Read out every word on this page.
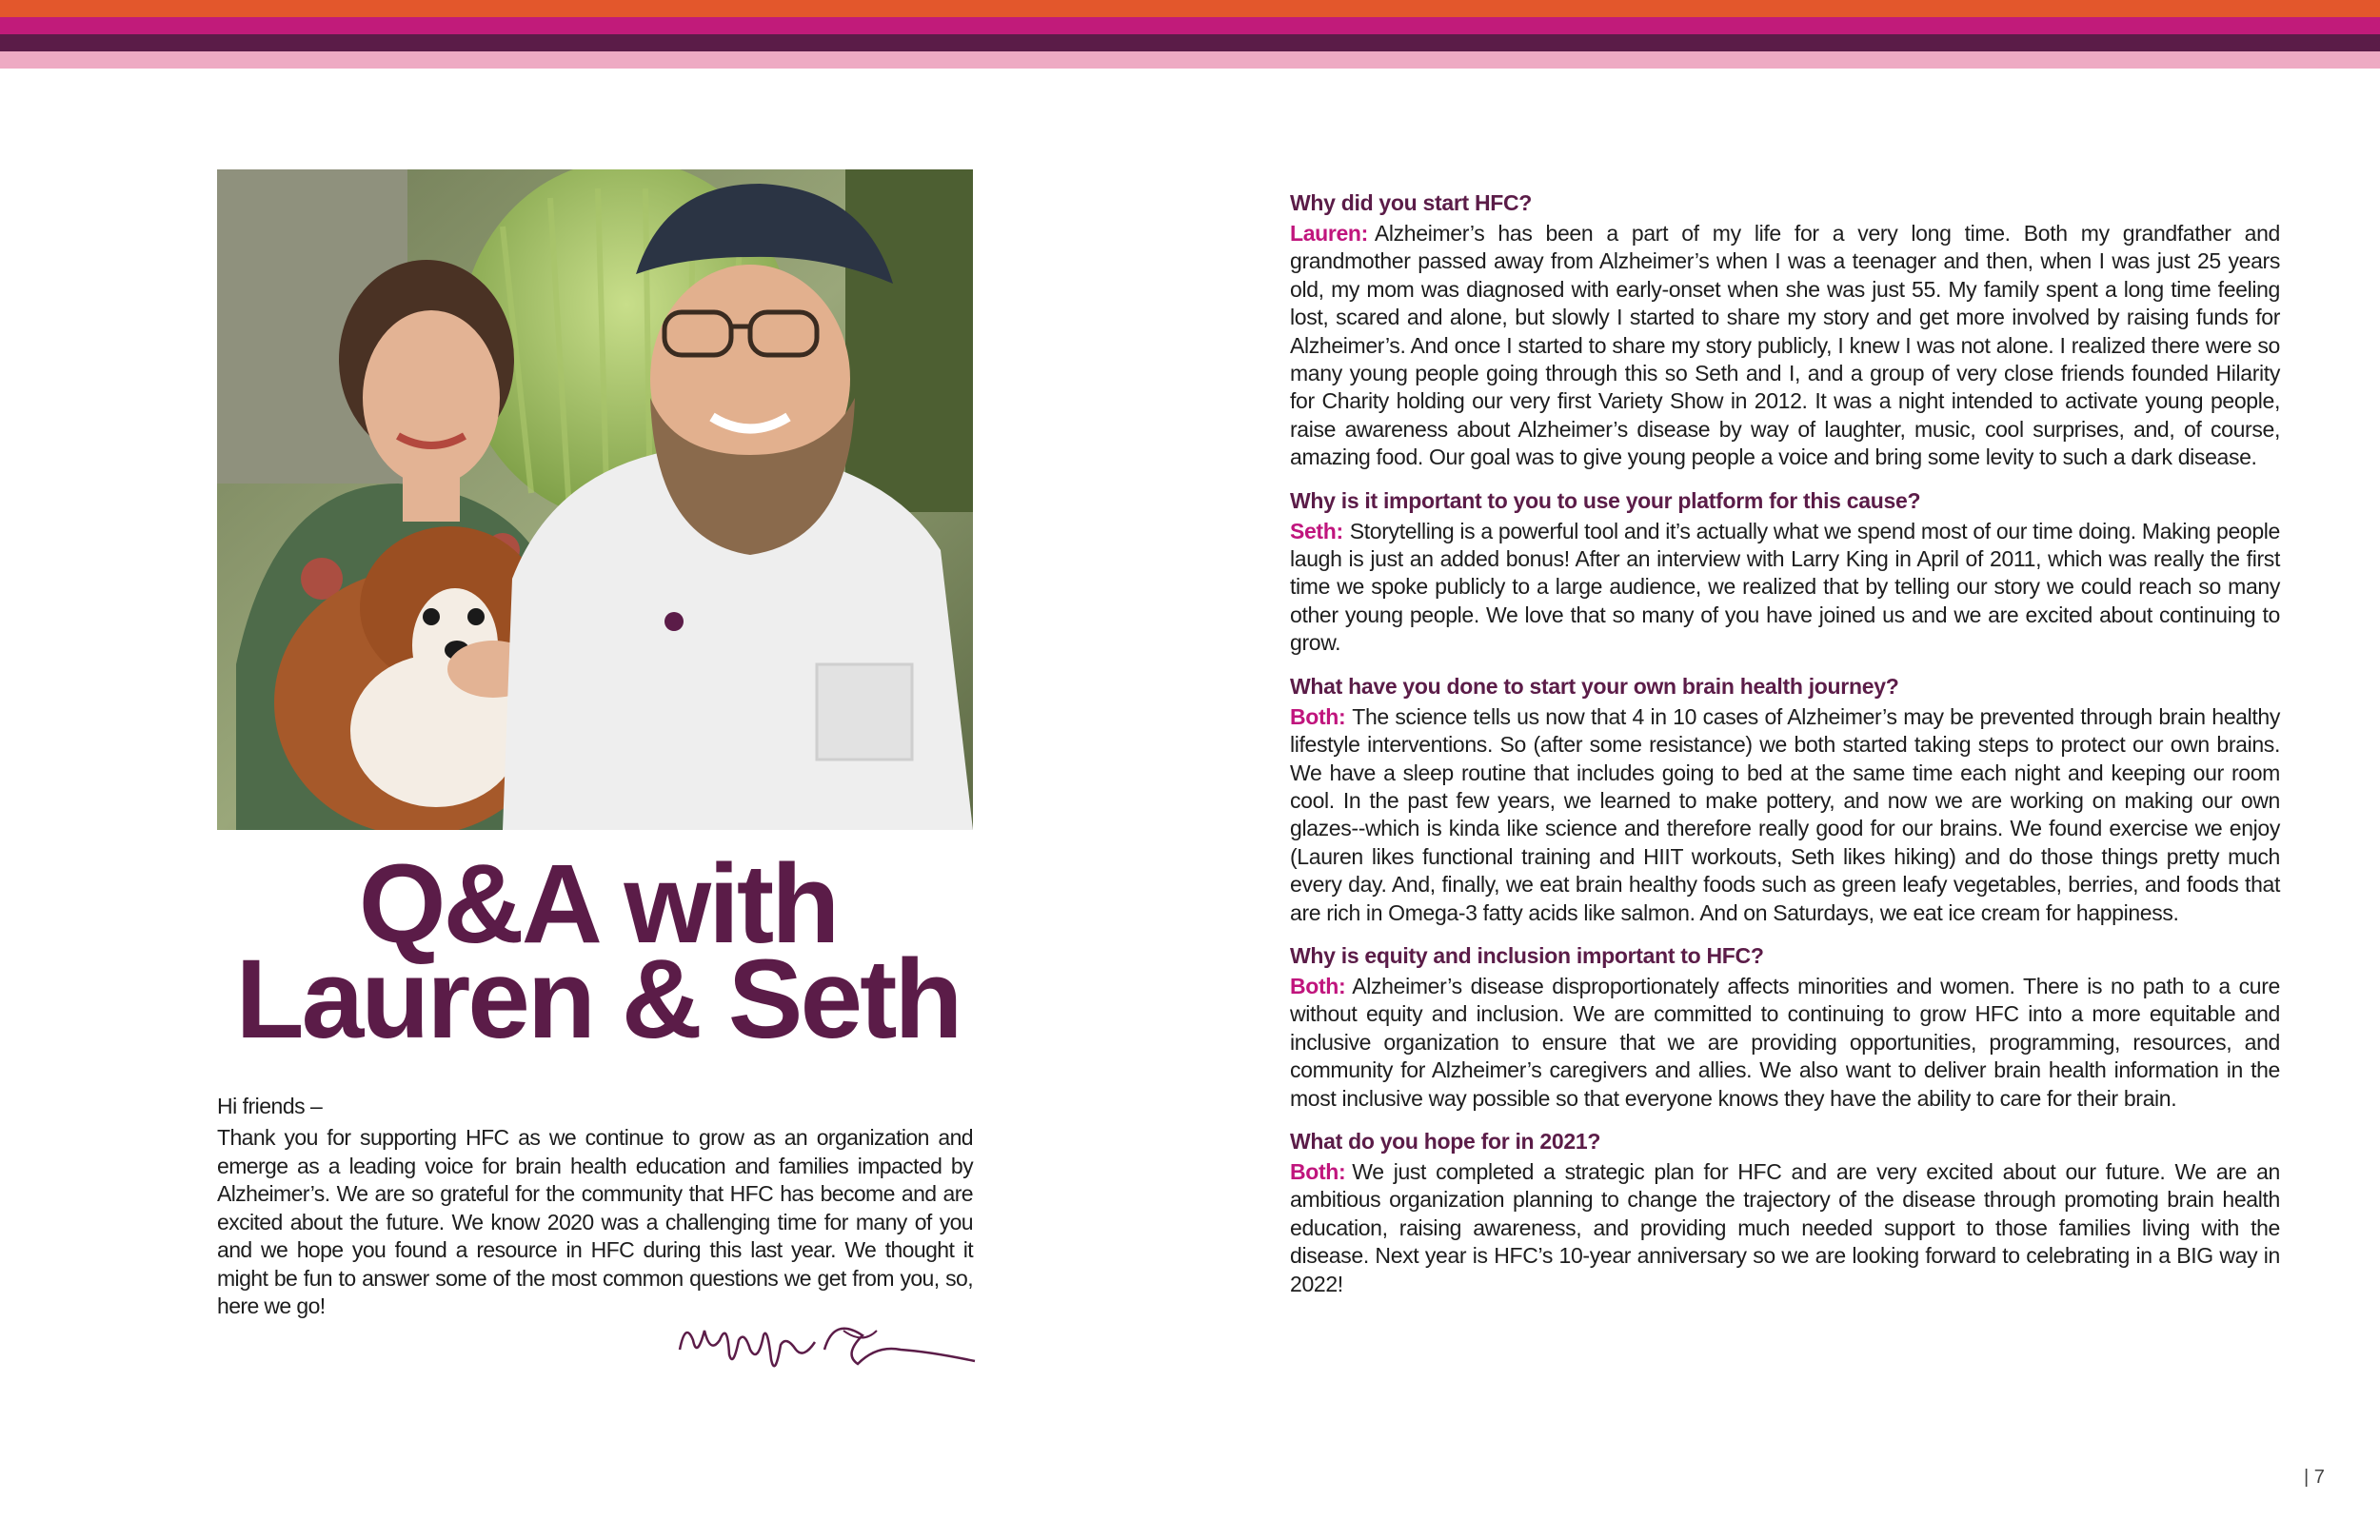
Q&A with
Lauren & Seth
Hi friends –
Thank you for supporting HFC as we continue to grow as an organization and emerge as a leading voice for brain health education and families impacted by Alzheimer’s. We are so grateful for the community that HFC has become and are excited about the future. We know 2020 was a challenging time for many of you and we hope you found a resource in HFC during this last year. We thought it might be fun to answer some of the most common questions we get from you, so, here we go!
Why did you start HFC?
Lauren: Alzheimer’s has been a part of my life for a very long time. Both my grandfather and grandmother passed away from Alzheimer’s when I was a teenager and then, when I was just 25 years old, my mom was diagnosed with early-onset when she was just 55. My family spent a long time feeling lost, scared and alone, but slowly I started to share my story and get more involved by raising funds for Alzheimer’s. And once I started to share my story publicly, I knew I was not alone. I realized there were so many young people going through this so Seth and I, and a group of very close friends founded Hilarity for Charity holding our very first Variety Show in 2012. It was a night intended to activate young people, raise awareness about Alzheimer’s disease by way of laughter, music, cool surprises, and, of course, amazing food. Our goal was to give young people a voice and bring some levity to such a dark disease.
Why is it important to you to use your platform for this cause?
Seth: Storytelling is a powerful tool and it’s actually what we spend most of our time doing. Making people laugh is just an added bonus! After an interview with Larry King in April of 2011, which was really the first time we spoke publicly to a large audience, we realized that by telling our story we could reach so many other young people. We love that so many of you have joined us and we are excited about continuing to grow.
What have you done to start your own brain health journey?
Both: The science tells us now that 4 in 10 cases of Alzheimer’s may be prevented through brain healthy lifestyle interventions. So (after some resistance) we both started taking steps to protect our own brains. We have a sleep routine that includes going to bed at the same time each night and keeping our room cool. In the past few years, we learned to make pottery, and now we are working on making our own glazes--which is kinda like science and therefore really good for our brains. We found exercise we enjoy (Lauren likes functional training and HIIT workouts, Seth likes hiking) and do those things pretty much every day. And, finally, we eat brain healthy foods such as green leafy vegetables, berries, and foods that are rich in Omega-3 fatty acids like salmon. And on Saturdays, we eat ice cream for happiness.
Why is equity and inclusion important to HFC?
Both: Alzheimer’s disease disproportionately affects minorities and women. There is no path to a cure without equity and inclusion. We are committed to continuing to grow HFC into a more equitable and inclusive organization to ensure that we are providing opportunities, programming, resources, and community for Alzheimer’s caregivers and allies. We also want to deliver brain health information in the most inclusive way possible so that everyone knows they have the ability to care for their brain.
What do you hope for in 2021?
Both: We just completed a strategic plan for HFC and are very excited about our future. We are an ambitious organization planning to change the trajectory of the disease through promoting brain health education, raising awareness, and providing much needed support to those families living with the disease. Next year is HFC’s 10-year anniversary so we are looking forward to celebrating in a BIG way in 2022!
| 7
